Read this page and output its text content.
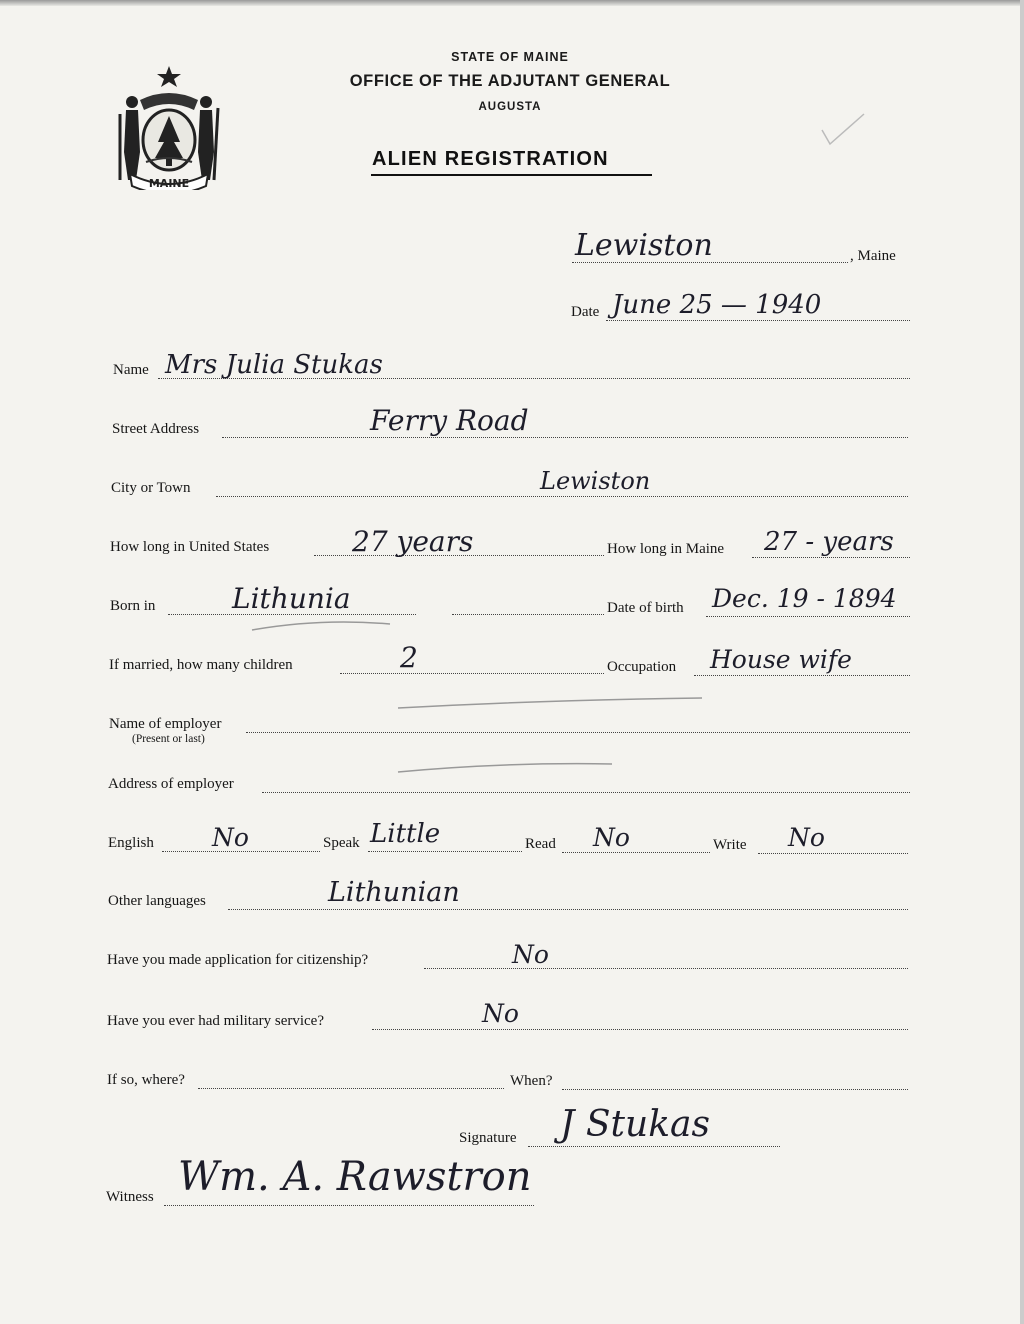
MAINE
STATE OF MAINE
OFFICE OF THE ADJUTANT GENERAL
AUGUSTA
ALIEN REGISTRATION
Lewiston	, Maine
Date June 25 — 1940
Name Mrs Julia Stukas
Street Address	Ferry Road
City or Town	Lewiston
How long in United States	27 years	How long in Maine 27 - years
Born in	Lithunia	Date of birth Dec. 19 - 1894
If married, how many children	2	Occupation House wife
Name of employer
(Present or last)
Address of employer
English No	Speak Little	Read No	Write No
Other languages	Lithunian
Have you made application for citizenship?	No
Have you ever had military service?	No
If so, where?	When?
Signature J Stukas
Witness Wm. A. Rawstron
